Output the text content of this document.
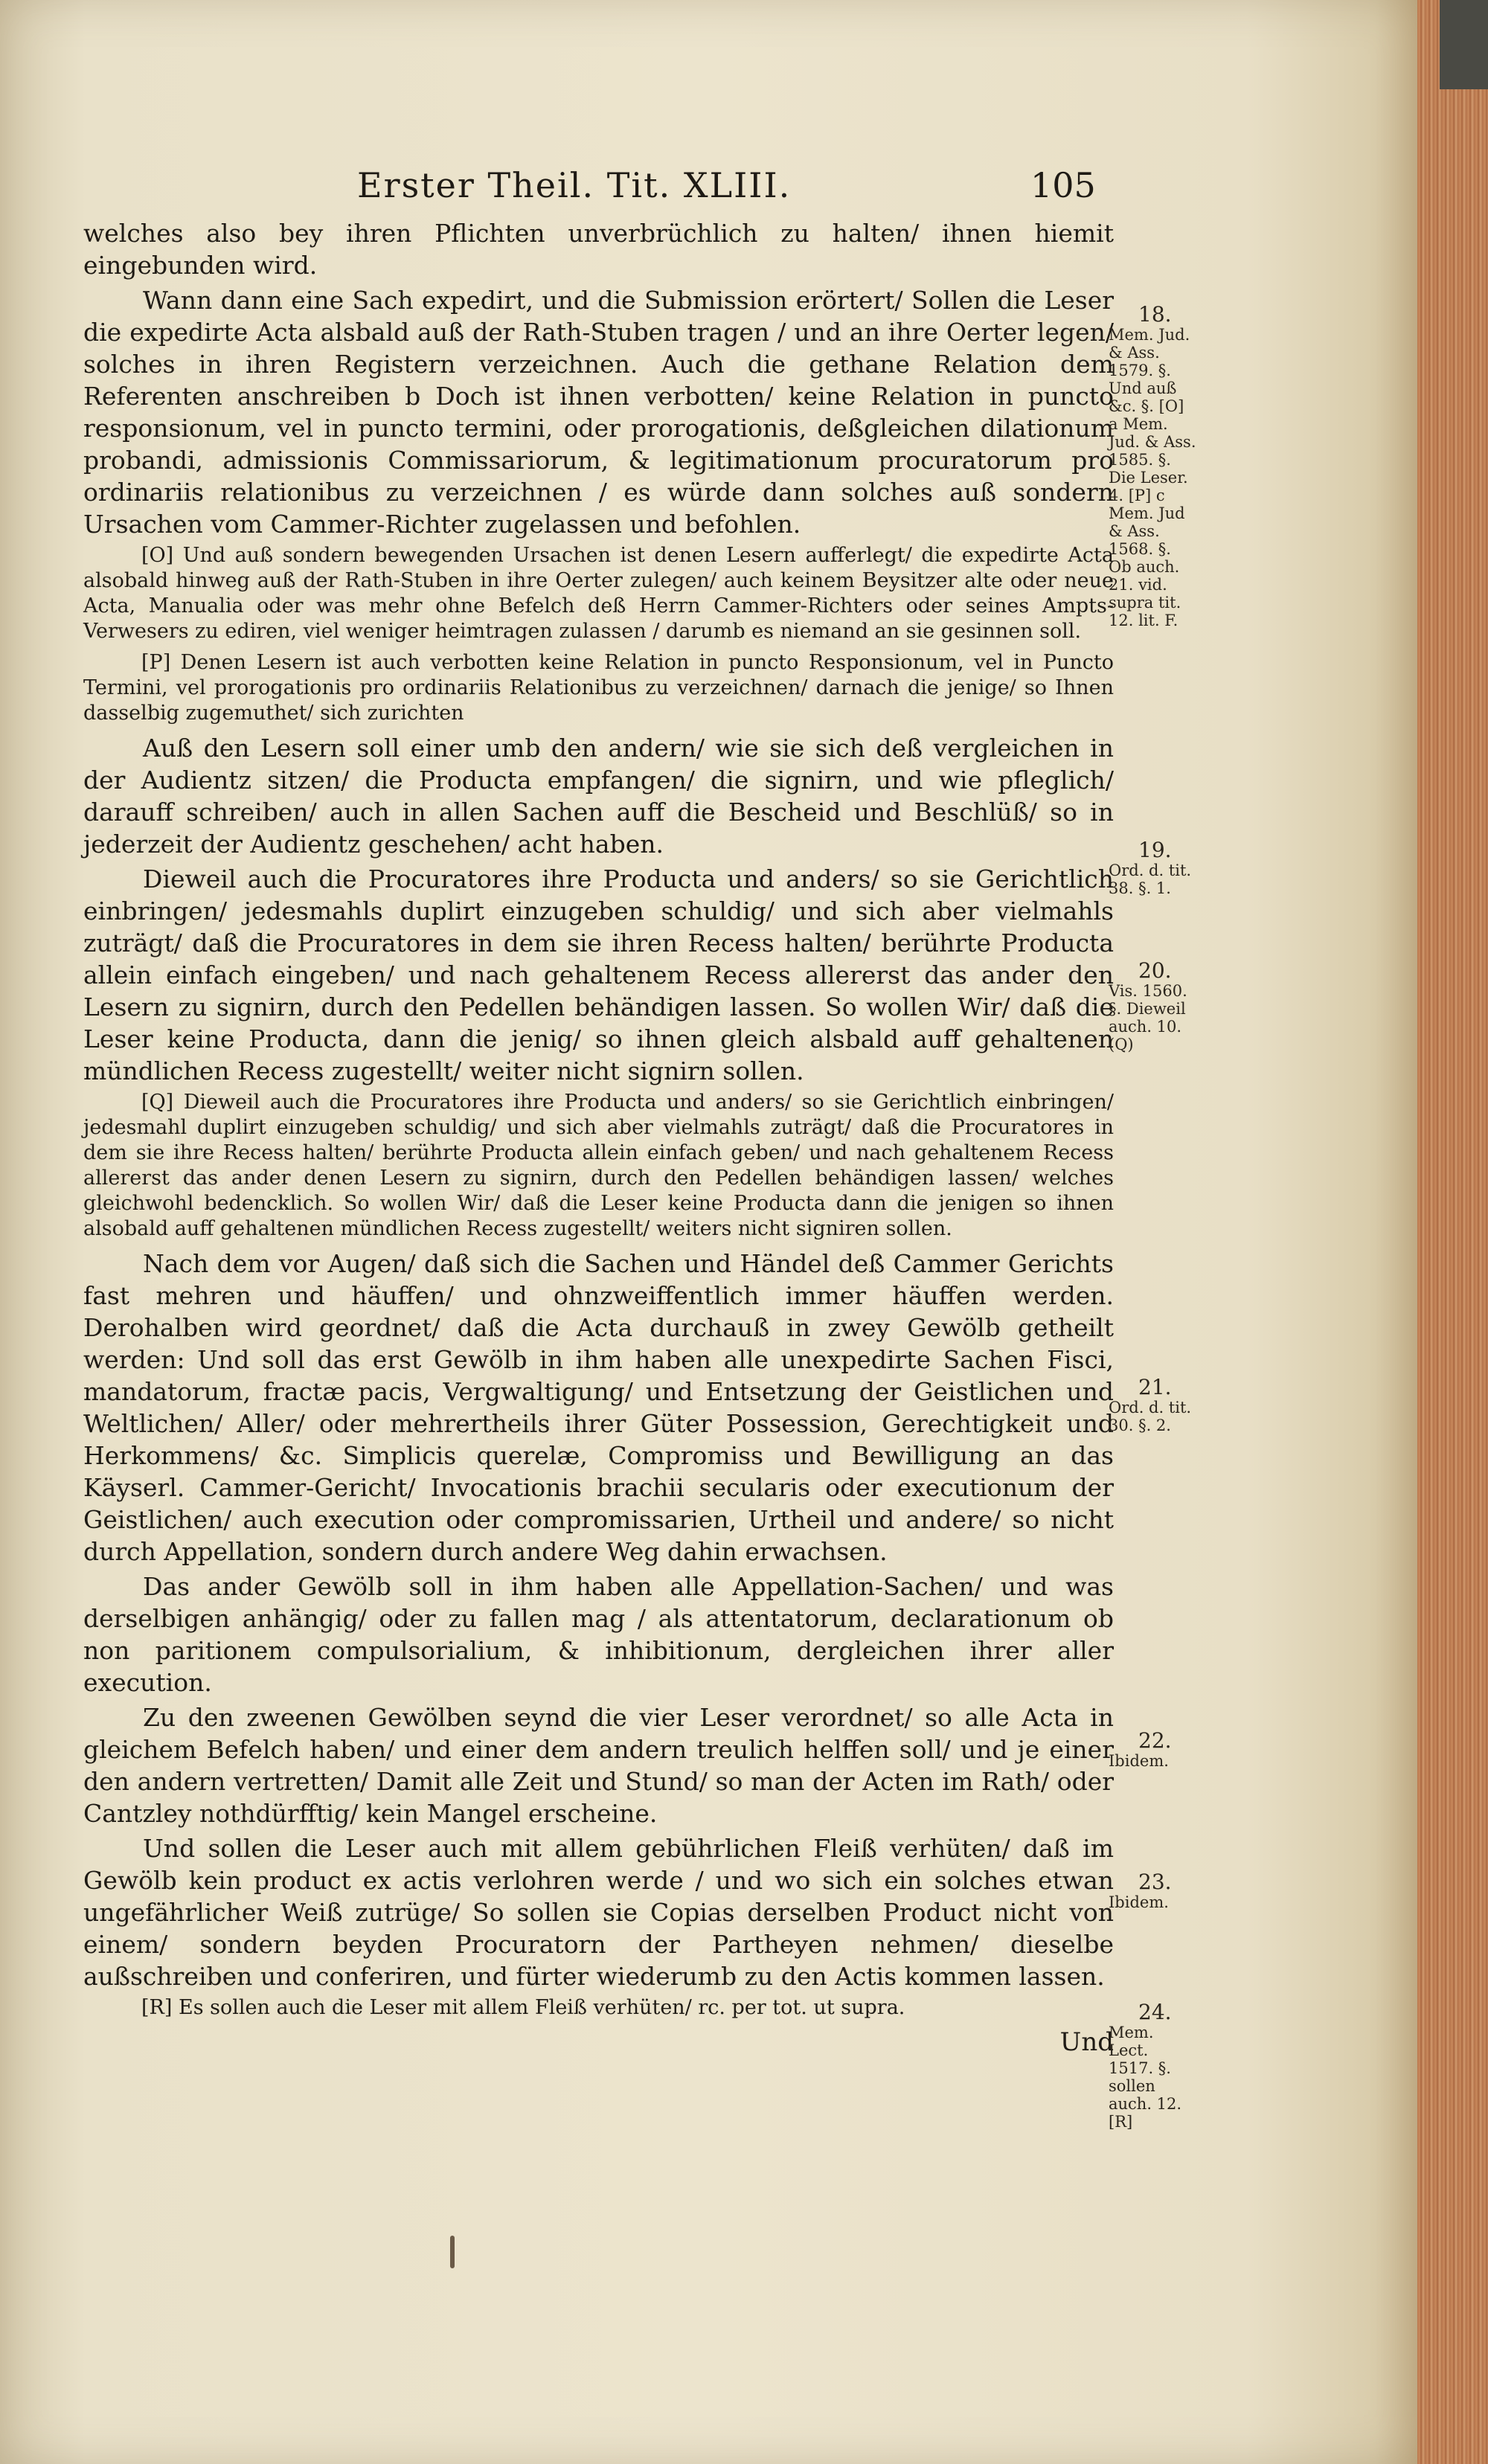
Erster Theil. Tit. XLIII.	105

welches also bey ihren Pflichten unverbrüchlich zu halten/ ihnen hiemit eingebunden wird.

Wann dann eine Sach expedirt, und die Submission erörtert/ Sollen die Leser die expedirte Acta alsbald auß der Rath-Stuben tragen / und an ihre Oerter legen/ solches in ihren Registern verzeichnen. Auch die gethane Relation dem Referenten anschreiben b Doch ist ihnen verbotten/ keine Relation in puncto responsionum, vel in puncto termini, oder prorogationis, deßgleichen dilationum probandi, admissionis Commissariorum, & legitimationum procuratorum pro ordinariis relationibus zu verzeichnen / es würde dann solches auß sondern Ursachen vom Cammer-Richter zugelassen und befohlen.

[O] Und auß sondern bewegenden Ursachen ist denen Lesern aufferlegt/ die expedirte Acta alsobald hinweg auß der Rath-Stuben in ihre Oerter zulegen/ auch keinem Beysitzer alte oder neue Acta, Manualia oder was mehr ohne Befelch deß Herrn Cammer-Richters oder seines Ampts-Verwesers zu ediren, viel weniger heimtragen zulassen / darumb es niemand an sie gesinnen soll.

[P] Denen Lesern ist auch verbotten keine Relation in puncto Responsionum, vel in Puncto Termini, vel prorogationis pro ordinariis Relationibus zu verzeichnen/ darnach die jenige/ so Ihnen dasselbig zugemuthet/ sich zurichten

Auß den Lesern soll einer umb den andern/ wie sie sich deß vergleichen in der Audientz sitzen/ die Producta empfangen/ die signirn, und wie pfleglich/ darauff schreiben/ auch in allen Sachen auff die Bescheid und Beschlüß/ so in jederzeit der Audientz geschehen/ acht haben.

Dieweil auch die Procuratores ihre Producta und anders/ so sie Gerichtlich einbringen/ jedesmahls duplirt einzugeben schuldig/ und sich aber vielmahls zuträgt/ daß die Procuratores in dem sie ihren Recess halten/ berührte Producta allein einfach eingeben/ und nach gehaltenem Recess allererst das ander den Lesern zu signirn, durch den Pedellen behändigen lassen. So wollen Wir/ daß die Leser keine Producta, dann die jenig/ so ihnen gleich alsbald auff gehaltenen mündlichen Recess zugestellt/ weiter nicht signirn sollen.

[Q] Dieweil auch die Procuratores ihre Producta und anders/ so sie Gerichtlich einbringen/ jedesmahl duplirt einzugeben schuldig/ und sich aber vielmahls zuträgt/ daß die Procuratores in dem sie ihre Recess halten/ berührte Producta allein einfach geben/ und nach gehaltenem Recess allererst das ander denen Lesern zu signirn, durch den Pedellen behändigen lassen/ welches gleichwohl bedencklich. So wollen Wir/ daß die Leser keine Producta dann die jenigen so ihnen alsobald auff gehaltenen mündlichen Recess zugestellt/ weiters nicht signiren sollen.

Nach dem vor Augen/ daß sich die Sachen und Händel deß Cammer Gerichts fast mehren und häuffen/ und ohnzweiffentlich immer häuffen werden. Derohalben wird geordnet/ daß die Acta durchauß in zwey Gewölb getheilt werden: Und soll das erst Gewölb in ihm haben alle unexpedirte Sachen Fisci, mandatorum, fractæ pacis, Vergwaltigung/ und Entsetzung der Geistlichen und Weltlichen/ Aller/ oder mehrertheils ihrer Güter Possession, Gerechtigkeit und Herkommens/ &c. Simplicis querelæ, Compromiss und Bewilligung an das Käyserl. Cammer-Gericht/ Invocationis brachii secularis oder executionum der Geistlichen/ auch execution oder compromissarien, Urtheil und andere/ so nicht durch Appellation, sondern durch andere Weg dahin erwachsen.

Das ander Gewölb soll in ihm haben alle Appellation-Sachen/ und was derselbigen anhängig/ oder zu fallen mag / als attentatorum, declarationum ob non paritionem compulsorialium, & inhibitionum, dergleichen ihrer aller execution.

Zu den zweenen Gewölben seynd die vier Leser verordnet/ so alle Acta in gleichem Befelch haben/ und einer dem andern treulich helffen soll/ und je einer den andern vertretten/ Damit alle Zeit und Stund/ so man der Acten im Rath/ oder Cantzley nothdürfftig/ kein Mangel erscheine.

Und sollen die Leser auch mit allem gebührlichen Fleiß verhüten/ daß im Gewölb kein product ex actis verlohren werde / und wo sich ein solches etwan ungefährlicher Weiß zutrüge/ So sollen sie Copias derselben Product nicht von einem/ sondern beyden Procuratorn der Partheyen nehmen/ dieselbe außschreiben und conferiren, und fürter wiederumb zu den Actis kommen lassen.

[R] Es sollen auch die Leser mit allem Fleiß verhüten/ rc. per tot. ut supra.

Und

18.
Mem. Jud. & Ass. 1579. §. Und auß &c. §. [O] a Mem. Jud. & Ass. 1585. §. Die Leser. 4. [P] c Mem. Jud & Ass. 1568. §. Ob auch. 21. vid. supra tit. 12. lit. F.
19.
Ord. d. tit. 38. §. 1.
20.
Vis. 1560. §. Dieweil auch. 10. (Q)
21.
Ord. d. tit. 30. §. 2.
22.
Ibidem.
23.
Ibidem.
24.
Mem. Lect. 1517. §. sollen auch. 12. [R]
